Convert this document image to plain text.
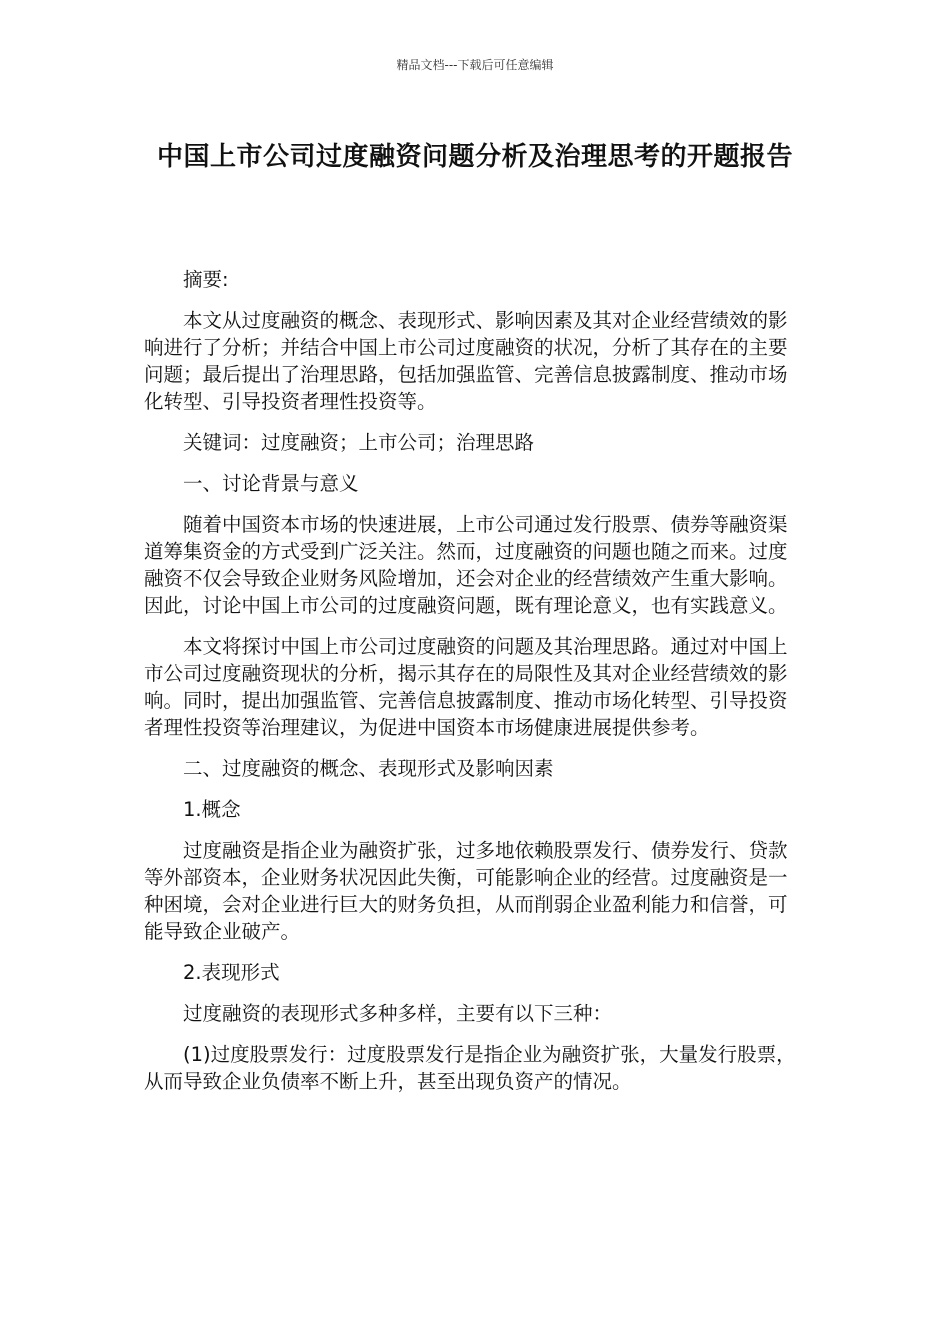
精品文档---下载后可任意编辑
中国上市公司过度融资问题分析及治理思考的开题报告

摘要:

本文从过度融资的概念、表现形式、影响因素及其对企业经营绩效的影响进行了分析；并结合中国上市公司过度融资的状况，分析了其存在的主要问题；最后提出了治理思路，包括加强监管、完善信息披露制度、推动市场化转型、引导投资者理性投资等。

关键词：过度融资；上市公司；治理思路

一、讨论背景与意义

随着中国资本市场的快速进展，上市公司通过发行股票、债券等融资渠道筹集资金的方式受到广泛关注。然而，过度融资的问题也随之而来。过度融资不仅会导致企业财务风险增加，还会对企业的经营绩效产生重大影响。因此，讨论中国上市公司的过度融资问题，既有理论意义，也有实践意义。

本文将探讨中国上市公司过度融资的问题及其治理思路。通过对中国上市公司过度融资现状的分析，揭示其存在的局限性及其对企业经营绩效的影响。同时，提出加强监管、完善信息披露制度、推动市场化转型、引导投资者理性投资等治理建议，为促进中国资本市场健康进展提供参考。

二、过度融资的概念、表现形式及影响因素

1.概念

过度融资是指企业为融资扩张，过多地依赖股票发行、债券发行、贷款等外部资本，企业财务状况因此失衡，可能影响企业的经营。过度融资是一种困境，会对企业进行巨大的财务负担，从而削弱企业盈利能力和信誉，可能导致企业破产。

2.表现形式

过度融资的表现形式多种多样，主要有以下三种：

(1)过度股票发行：过度股票发行是指企业为融资扩张，大量发行股票，从而导致企业负债率不断上升，甚至出现负资产的情况。
